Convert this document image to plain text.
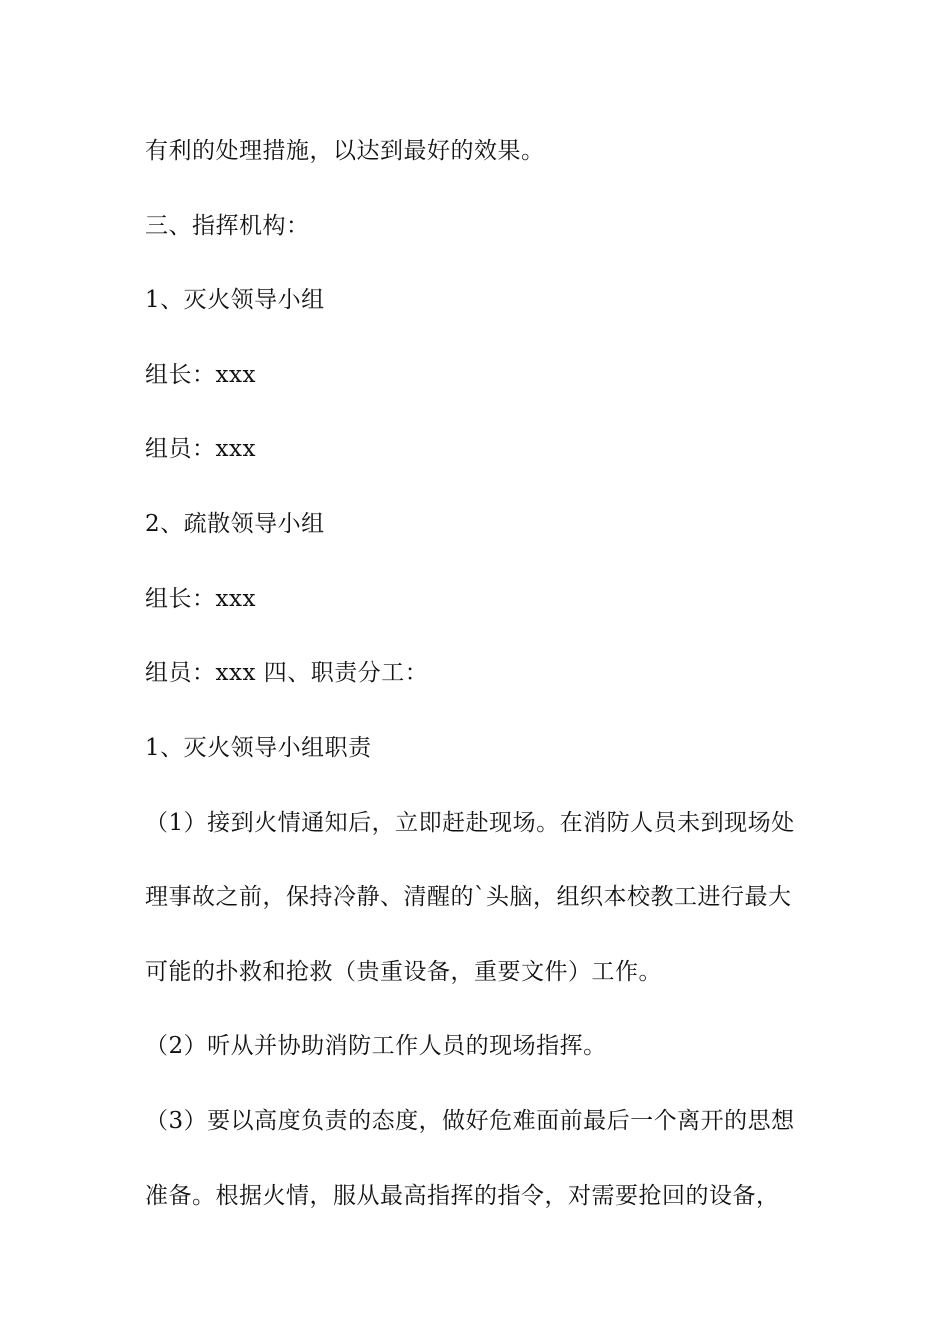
有利的处理措施，以达到最好的效果。

三、指挥机构：

1、灭火领导小组

组长：xxx

组员：xxx

2、疏散领导小组

组长：xxx

组员：xxx 四、职责分工：

1、灭火领导小组职责

（1）接到火情通知后，立即赶赴现场。在消防人员未到现场处

理事故之前，保持冷静、清醒的`头脑，组织本校教工进行最大

可能的扑救和抢救（贵重设备，重要文件）工作。

（2）听从并协助消防工作人员的现场指挥。

（3）要以高度负责的态度，做好危难面前最后一个离开的思想

准备。根据火情，服从最高指挥的指令，对需要抢回的设备，
